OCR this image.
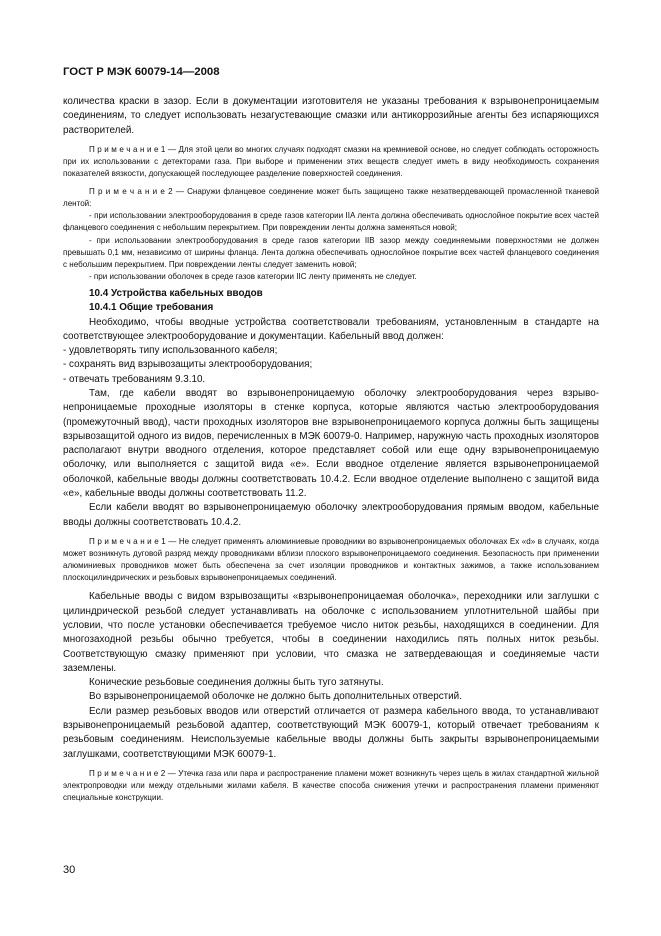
ГОСТ Р МЭК 60079-14—2008

количества краски в зазор. Если в документации изготовителя не указаны требования к взрывонепроницаемым соединениям, то следует использовать незагустевающие смазки или антикоррозийные агенты без испаряющихся растворителей.

П р и м е ч а н и е 1 — Для этой цели во многих случаях подходят смазки на кремниевой основе, но следует соблюдать осторожность при их использовании с детекторами газа. При выборе и применении этих веществ следует иметь в виду необходимость сохранения показателей вязкости, допускающей последующее разделение поверхностей соединения.

П р и м е ч а н и е 2 — Снаружи фланцевое соединение может быть защищено также незатвердевающей промасленной тканевой лентой:

- при использовании электрооборудования в среде газов категории IIA лента должна обеспечивать однослойное покрытие всех частей фланцевого соединения с небольшим перекрытием. При повреждении ленты должна заменяться новой;

- при использовании электрооборудования в среде газов категории IIB зазор между соединяемыми поверхностями не должен превышать 0,1 мм, независимо от ширины фланца. Лента должна обеспечивать однослойное покрытие всех частей фланцевого соединения с небольшим перекрытием. При повреждении ленты следует заменить новой;

- при использовании оболочек в среде газов категории IIC ленту применять не следует.

10.4 Устройства кабельных вводов

10.4.1 Общие требования

Необходимо, чтобы вводные устройства соответствовали требованиям, установленным в стандарте на соответствующее электрооборудование и документации. Кабельный ввод должен:

- удовлетворять типу использованного кабеля;

- сохранять вид взрывозащиты электрооборудования;

- отвечать требованиям 9.3.10.

Там, где кабели вводят во взрывонепроницаемую оболочку электрооборудования через взрывонепроницаемые проходные изоляторы в стенке корпуса, которые являются частью электрооборудования (промежуточный ввод), части проходных изоляторов вне взрывонепроницаемого корпуса должны быть защищены взрывозащитой одного из видов, перечисленных в МЭК 60079-0. Например, наружную часть проходных изоляторов располагают внутри вводного отделения, которое представляет собой или еще одну взрывонепроницаемую оболочку, или выполняется с защитой вида «е». Если вводное отделение является взрывонепроницаемой оболочкой, кабельные вводы должны соответствовать 10.4.2. Если вводное отделение выполнено с защитой вида «е», кабельные вводы должны соответствовать 11.2.

Если кабели вводят во взрывонепроницаемую оболочку электрооборудования прямым вводом, кабельные вводы должны соответствовать 10.4.2.

П р и м е ч а н и е 1 — Не следует применять алюминиевые проводники во взрывонепроницаемых оболочках Ex «d» в случаях, когда может возникнуть дуговой разряд между проводниками вблизи плоского взрывонепроницаемого соединения. Безопасность при применении алюминиевых проводников может быть обеспечена за счет изоляции проводников и контактных зажимов, а также использованием плоскоцилиндрических и резьбовых взрывонепроницаемых соединений.

Кабельные вводы с видом взрывозащиты «взрывонепроницаемая оболочка», переходники или заглушки с цилиндрической резьбой следует устанавливать на оболочке с использованием уплотнительной шайбы при условии, что после установки обеспечивается требуемое число ниток резьбы, находящихся в соединении. Для многозаходной резьбы обычно требуется, чтобы в соединении находились пять полных ниток резьбы. Соответствующую смазку применяют при условии, что смазка не затвердевающая и соединяемые части заземлены.

Конические резьбовые соединения должны быть туго затянуты.

Во взрывонепроницаемой оболочке не должно быть дополнительных отверстий.

Если размер резьбовых вводов или отверстий отличается от размера кабельного ввода, то устанавливают взрывонепроницаемый резьбовой адаптер, соответствующий МЭК 60079-1, который отвечает требованиям к резьбовым соединениям. Неиспользуемые кабельные вводы должны быть закрыты взрывонепроницаемыми заглушками, соответствующими МЭК 60079-1.

П р и м е ч а н и е 2 — Утечка газа или пара и распространение пламени может возникнуть через щель в жилах стандартной жильной электропроводки или между отдельными жилами кабеля. В качестве способа снижения утечки и распространения пламени применяют специальные конструкции.

30
